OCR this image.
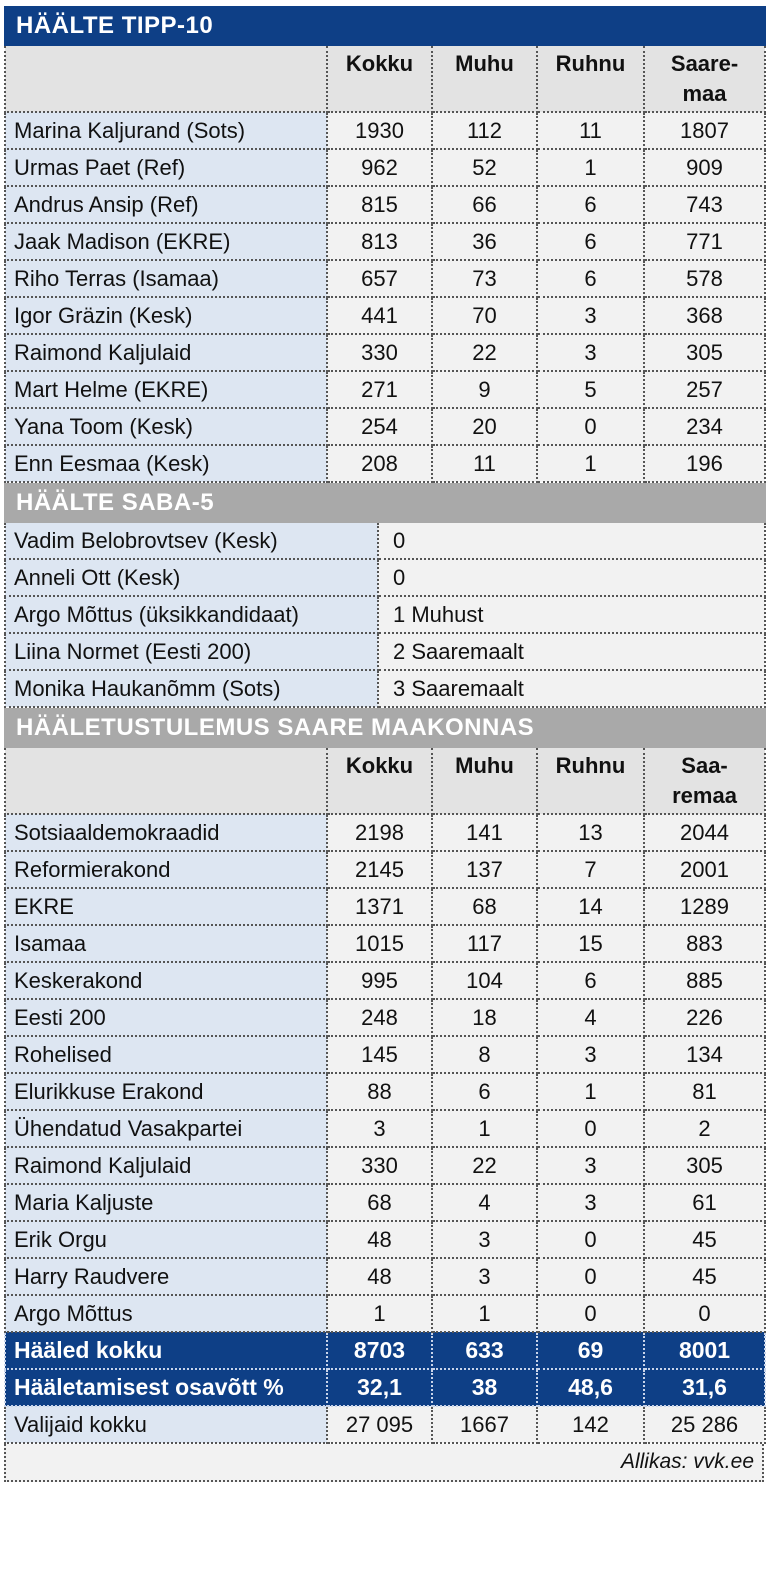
HÄÄLTE TIPP-10				
	Kokku	Muhu	Ruhnu	Saare-
maa
Marina Kaljurand (Sots)	1930	112	11	1807
Urmas Paet (Ref)	962	52	1	909
Andrus Ansip (Ref)	815	66	6	743
Jaak Madison (EKRE)	813	36	6	771
Riho Terras (Isamaa)	657	73	6	578
Igor Gräzin (Kesk)	441	70	3	368
Raimond Kaljulaid	330	22	3	305
Mart Helme (EKRE)	271	9	5	257
Yana Toom (Kesk)	254	20	0	234
Enn Eesmaa (Kesk)	208	11	1	196
HÄÄLTE SABA-5	
Vadim Belobrovtsev (Kesk)	0
Anneli Ott (Kesk)	0
Argo Mõttus (üksikkandidaat)	1 Muhust
Liina Normet (Eesti 200)	2 Saaremaalt
Monika Haukanõmm (Sots)	3 Saaremaalt
HÄÄLETUSTULEMUS SAARE MAAKONNAS				
	Kokku	Muhu	Ruhnu	Saa-
remaa
Sotsiaaldemokraadid	2198	141	13	2044
Reformierakond	2145	137	7	2001
EKRE	1371	68	14	1289
Isamaa	1015	117	15	883
Keskerakond	995	104	6	885
Eesti 200	248	18	4	226
Rohelised	145	8	3	134
Elurikkuse Erakond	88	6	1	81
Ühendatud Vasakpartei	3	1	0	2
Raimond Kaljulaid	330	22	3	305
Maria Kaljuste	68	4	3	61
Erik Orgu	48	3	0	45
Harry Raudvere	48	3	0	45
Argo Mõttus	1	1	0	0
Hääled kokku	8703	633	69	8001
Hääletamisest osavõtt %	32,1	38	48,6	31,6
Valijaid kokku	27 095	1667	142	25 286
Allikas: vvk.ee
